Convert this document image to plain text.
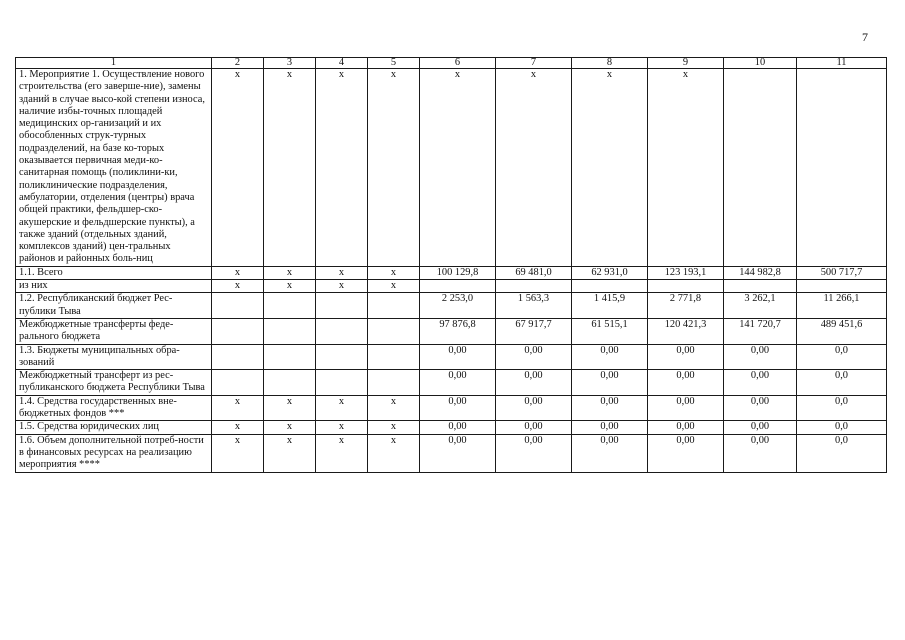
7
1	2	3	4	5	6	7	8	9	10	11
1. Мероприятие 1. Осуществление нового строительства (его заверше-ние), замены зданий в случае высо-кой степени износа, наличие избы-точных площадей медицинских ор-ганизаций и их обособленных струк-турных подразделений, на базе ко-торых оказывается первичная меди-ко-санитарная помощь (поликлини-ки, поликлинические подразделения, амбулатории, отделения (центры) врача общей практики, фельдшер-ско-акушерские и фельдшерские пункты), а также зданий (отдельных зданий, комплексов зданий) цен-тральных районов и районных боль-ниц	x	x	x	x	x	x	x	x		
1.1. Всего	x	x	x	x	100 129,8	69 481,0	62 931,0	123 193,1	144 982,8	500 717,7
из них	x	x	x	x						
1.2. Республиканский бюджет Рес-публики Тыва					2 253,0	1 563,3	1 415,9	2 771,8	3 262,1	11 266,1
Межбюджетные трансферты феде-рального бюджета					97 876,8	67 917,7	61 515,1	120 421,3	141 720,7	489 451,6
1.3. Бюджеты муниципальных обра-зований					0,00	0,00	0,00	0,00	0,00	0,0
Межбюджетный трансферт из рес-публиканского бюджета Республики Тыва					0,00	0,00	0,00	0,00	0,00	0,0
1.4. Средства государственных вне-бюджетных фондов ***	x	x	x	x	0,00	0,00	0,00	0,00	0,00	0,0
1.5. Средства юридических лиц	x	x	x	x	0,00	0,00	0,00	0,00	0,00	0,0
1.6. Объем дополнительной потреб-ности в финансовых ресурсах на реализацию мероприятия ****	x	x	x	x	0,00	0,00	0,00	0,00	0,00	0,0
